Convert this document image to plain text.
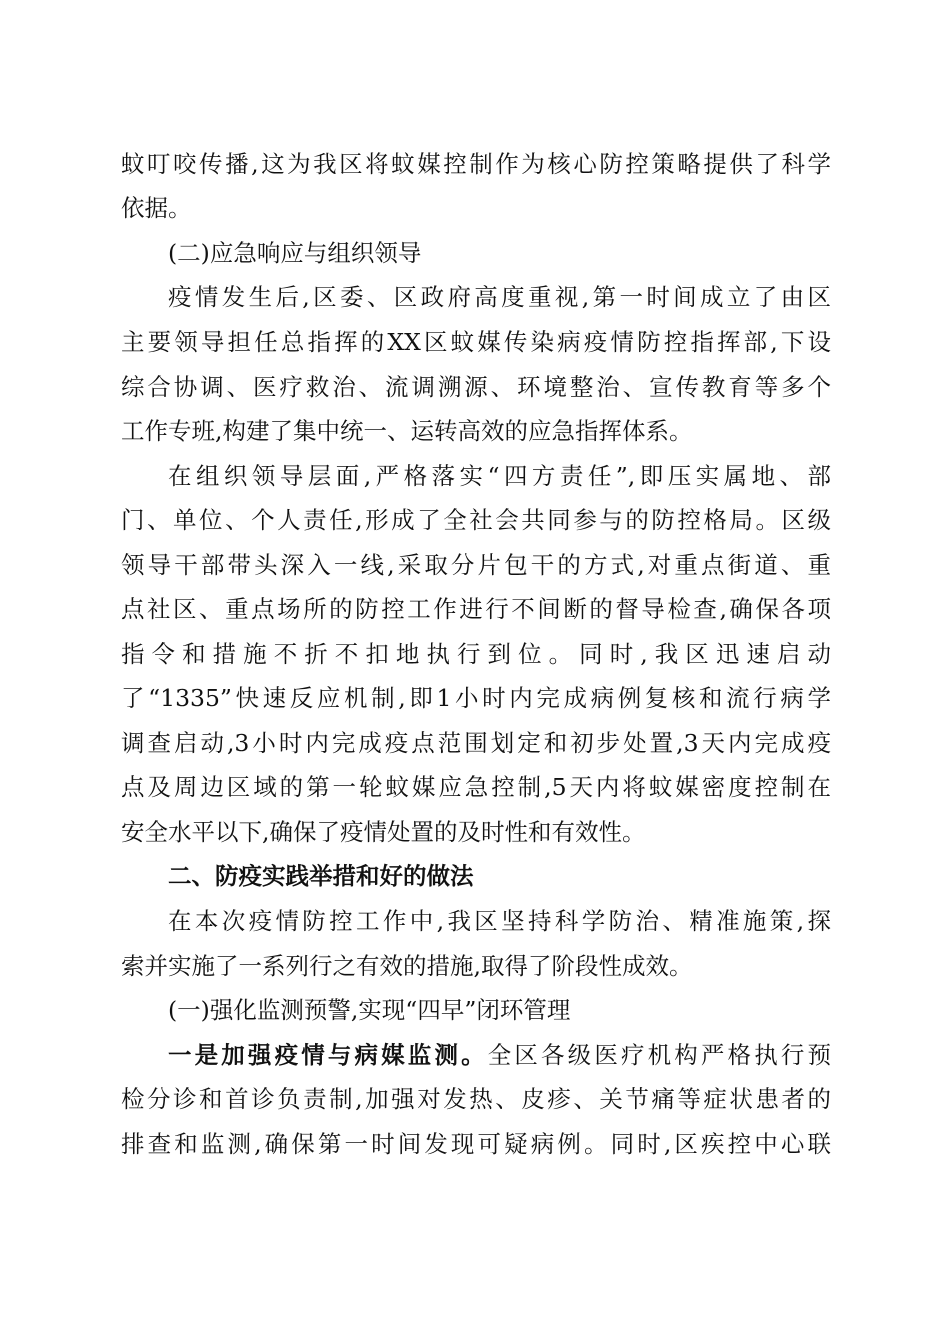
蚊叮咬传播,这为我区将蚊媒控制作为核心防控策略提供了科学
依据。
(二)应急响应与组织领导
疫情发生后,区委、区政府高度重视,第一时间成立了由区
主要领导担任总指挥的XX区蚊媒传染病疫情防控指挥部,下设
综合协调、医疗救治、流调溯源、环境整治、宣传教育等多个
工作专班,构建了集中统一、运转高效的应急指挥体系。
在组织领导层面,严格落实“四方责任”,即压实属地、部
门、单位、个人责任,形成了全社会共同参与的防控格局。区级
领导干部带头深入一线,采取分片包干的方式,对重点街道、重
点社区、重点场所的防控工作进行不间断的督导检查,确保各项
指令和措施不折不扣地执行到位。同时,我区迅速启动
了“1335”快速反应机制,即1小时内完成病例复核和流行病学
调查启动,3小时内完成疫点范围划定和初步处置,3天内完成疫
点及周边区域的第一轮蚊媒应急控制,5天内将蚊媒密度控制在
安全水平以下,确保了疫情处置的及时性和有效性。
二、防疫实践举措和好的做法
在本次疫情防控工作中,我区坚持科学防治、精准施策,探
索并实施了一系列行之有效的措施,取得了阶段性成效。
(一)强化监测预警,实现“四早”闭环管理
一是加强疫情与病媒监测。全区各级医疗机构严格执行预
检分诊和首诊负责制,加强对发热、皮疹、关节痛等症状患者的
排查和监测,确保第一时间发现可疑病例。同时,区疾控中心联
